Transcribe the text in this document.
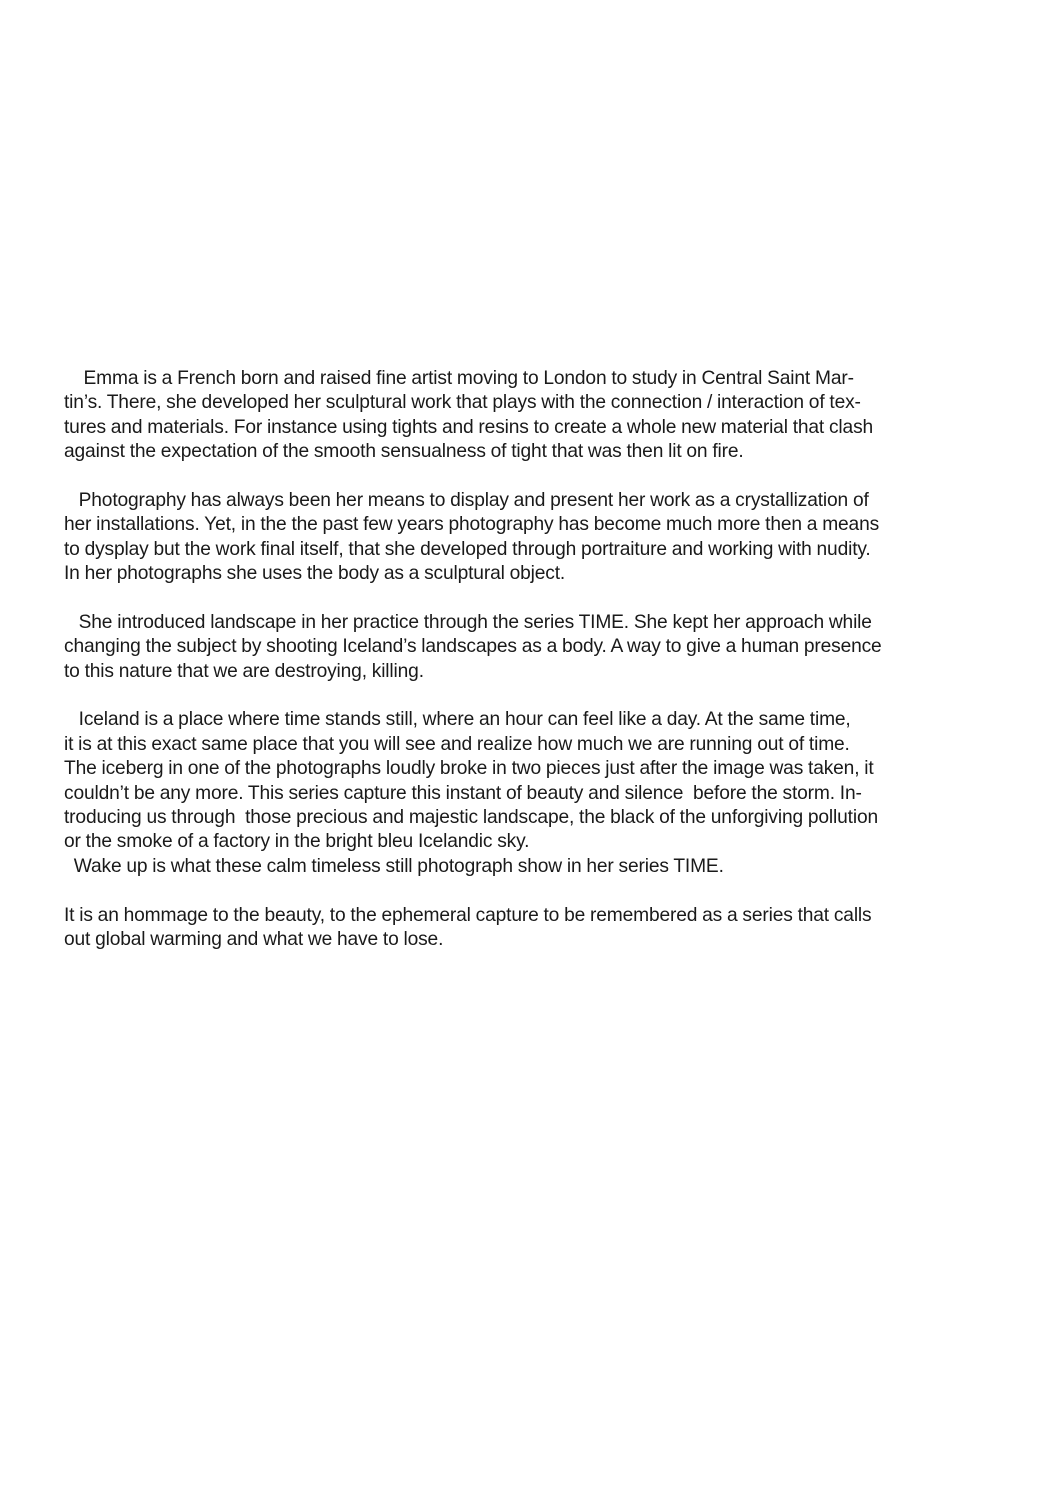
Emma is a French born and raised fine artist moving to London to study in Central Saint Mar-
tin’s. There, she developed her sculptural work that plays with the connection / interaction of tex-
tures and materials. For instance using tights and resins to create a whole new material that clash
against the expectation of the smooth sensualness of tight that was then lit on fire.
Photography has always been her means to display and present her work as a crystallization of
her installations. Yet, in the the past few years photography has become much more then a means
to dysplay but the work final itself, that she developed through portraiture and working with nudity.
In her photographs she uses the body as a sculptural object.
She introduced landscape in her practice through the series TIME. She kept her approach while
changing the subject by shooting Iceland’s landscapes as a body. A way to give a human presence
to this nature that we are destroying, killing.
Iceland is a place where time stands still, where an hour can feel like a day. At the same time,
it is at this exact same place that you will see and realize how much we are running out of time.
The iceberg in one of the photographs loudly broke in two pieces just after the image was taken, it
couldn’t be any more. This series capture this instant of beauty and silence  before the storm. In-
troducing us through  those precious and majestic landscape, the black of the unforgiving pollution
or the smoke of a factory in the bright bleu Icelandic sky.
Wake up is what these calm timeless still photograph show in her series TIME.
It is an hommage to the beauty, to the ephemeral capture to be remembered as a series that calls
out global warming and what we have to lose.
